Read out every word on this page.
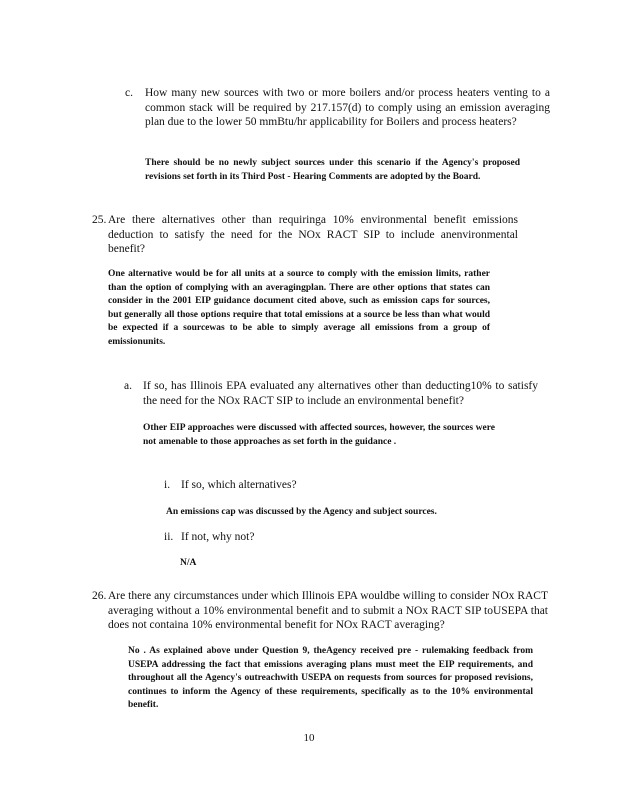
c. How many new sources with two or more boilers and/or process heaters venting to a common stack will be required by 217.157(d) to comply using an emission averaging plan due to the lower 50 mmBtu/hr applicability for Boilers and process heaters?
There should be no newly subject sources under this scenario if the Agency's proposed revisions set forth in its Third Post - Hearing Comments are adopted by the Board.
25. Are there alternatives other than requiringa 10% environmental benefit emissions deduction to satisfy the need for the NOx RACT SIP to include anenvironmental benefit?
One alternative would be for all units at a source to comply with the emission limits, rather than the option of complying with an averagingplan. There are other options that states can consider in the 2001 EIP guidance document cited above, such as emission caps for sources, but generally all those options require that total emissions at a source be less than what would be expected if a sourcewas to be able to simply average all emissions from a group of emissionunits.
a. If so, has Illinois EPA evaluated any alternatives other than deducting10% to satisfy the need for the NOx RACT SIP to include an environmental benefit?
Other EIP approaches were discussed with affected sources, however, the sources were not amenable to those approaches as set forth in the guidance .
i. If so, which alternatives?
An emissions cap was discussed by the Agency and subject sources.
ii. If not, why not?
N/A
26. Are there any circumstances under which Illinois EPA wouldbe willing to consider NOx RACT averaging without a 10% environmental benefit and to submit a NOx RACT SIP toUSEPA that does not containa 10% environmental benefit for NOx RACT averaging?
No . As explained above under Question 9, theAgency received pre - rulemaking feedback from USEPA addressing the fact that emissions averaging plans must meet the EIP requirements, and throughout all the Agency's outreachwith USEPA on requests from sources for proposed revisions, continues to inform the Agency of these requirements, specifically as to the 10% environmental benefit.
10
